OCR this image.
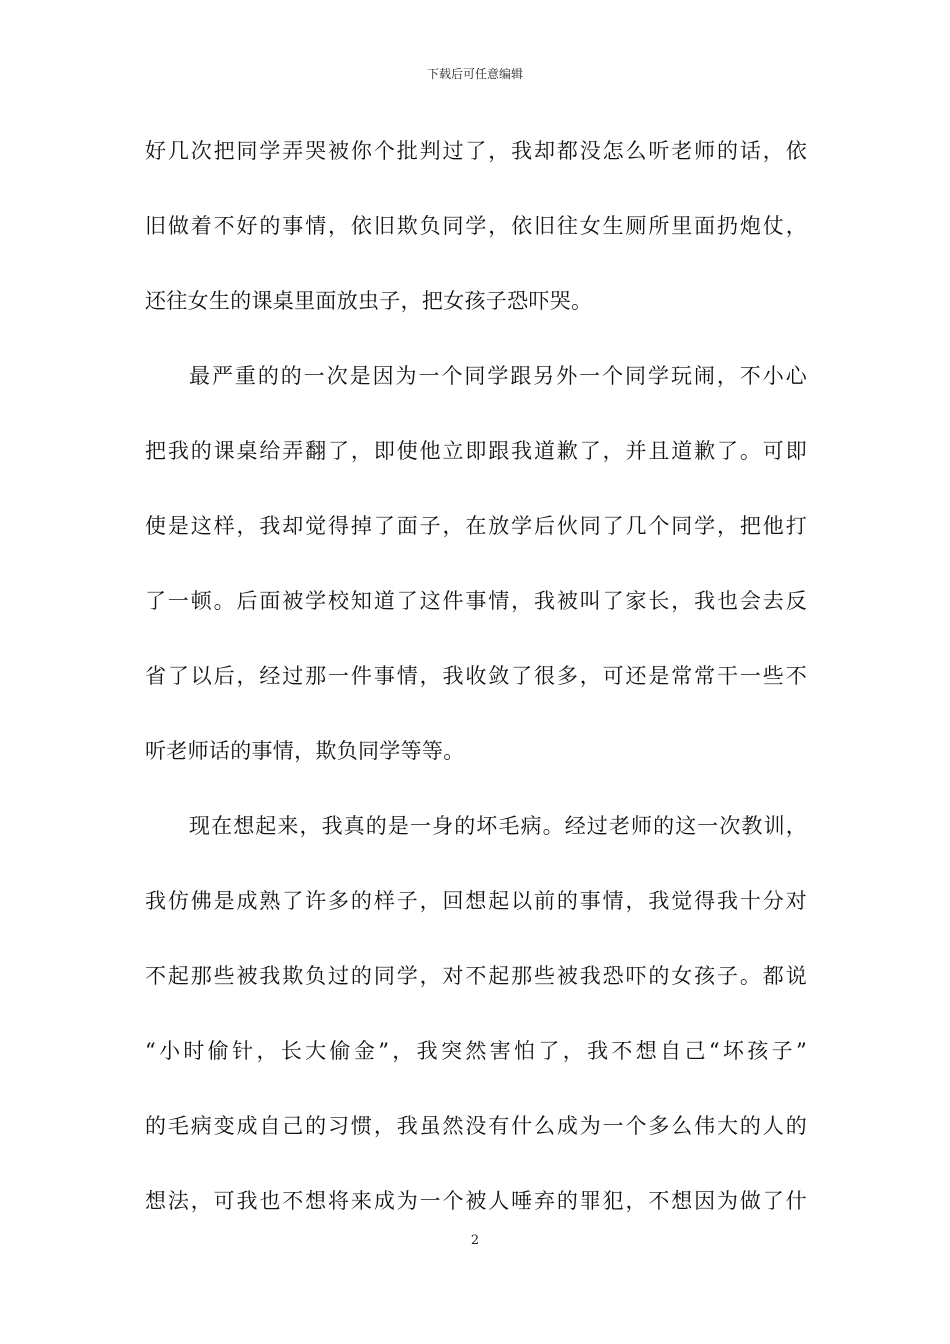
下载后可任意编辑
好几次把同学弄哭被你个批判过了，我却都没怎么听老师的话，依
旧做着不好的事情，依旧欺负同学，依旧往女生厕所里面扔炮仗，
还往女生的课桌里面放虫子，把女孩子恐吓哭。
最严重的的一次是因为一个同学跟另外一个同学玩闹，不小心
把我的课桌给弄翻了，即使他立即跟我道歉了，并且道歉了。可即
使是这样，我却觉得掉了面子，在放学后伙同了几个同学，把他打
了一顿。后面被学校知道了这件事情，我被叫了家长，我也会去反
省了以后，经过那一件事情，我收敛了很多，可还是常常干一些不
听老师话的事情，欺负同学等等。
现在想起来，我真的是一身的坏毛病。经过老师的这一次教训，
我仿佛是成熟了许多的样子，回想起以前的事情，我觉得我十分对
不起那些被我欺负过的同学，对不起那些被我恐吓的女孩子。都说
“小时偷针，长大偷金”，我突然害怕了，我不想自己“坏孩子”
的毛病变成自己的习惯，我虽然没有什么成为一个多么伟大的人的
想法，可我也不想将来成为一个被人唾弃的罪犯，不想因为做了什
2
